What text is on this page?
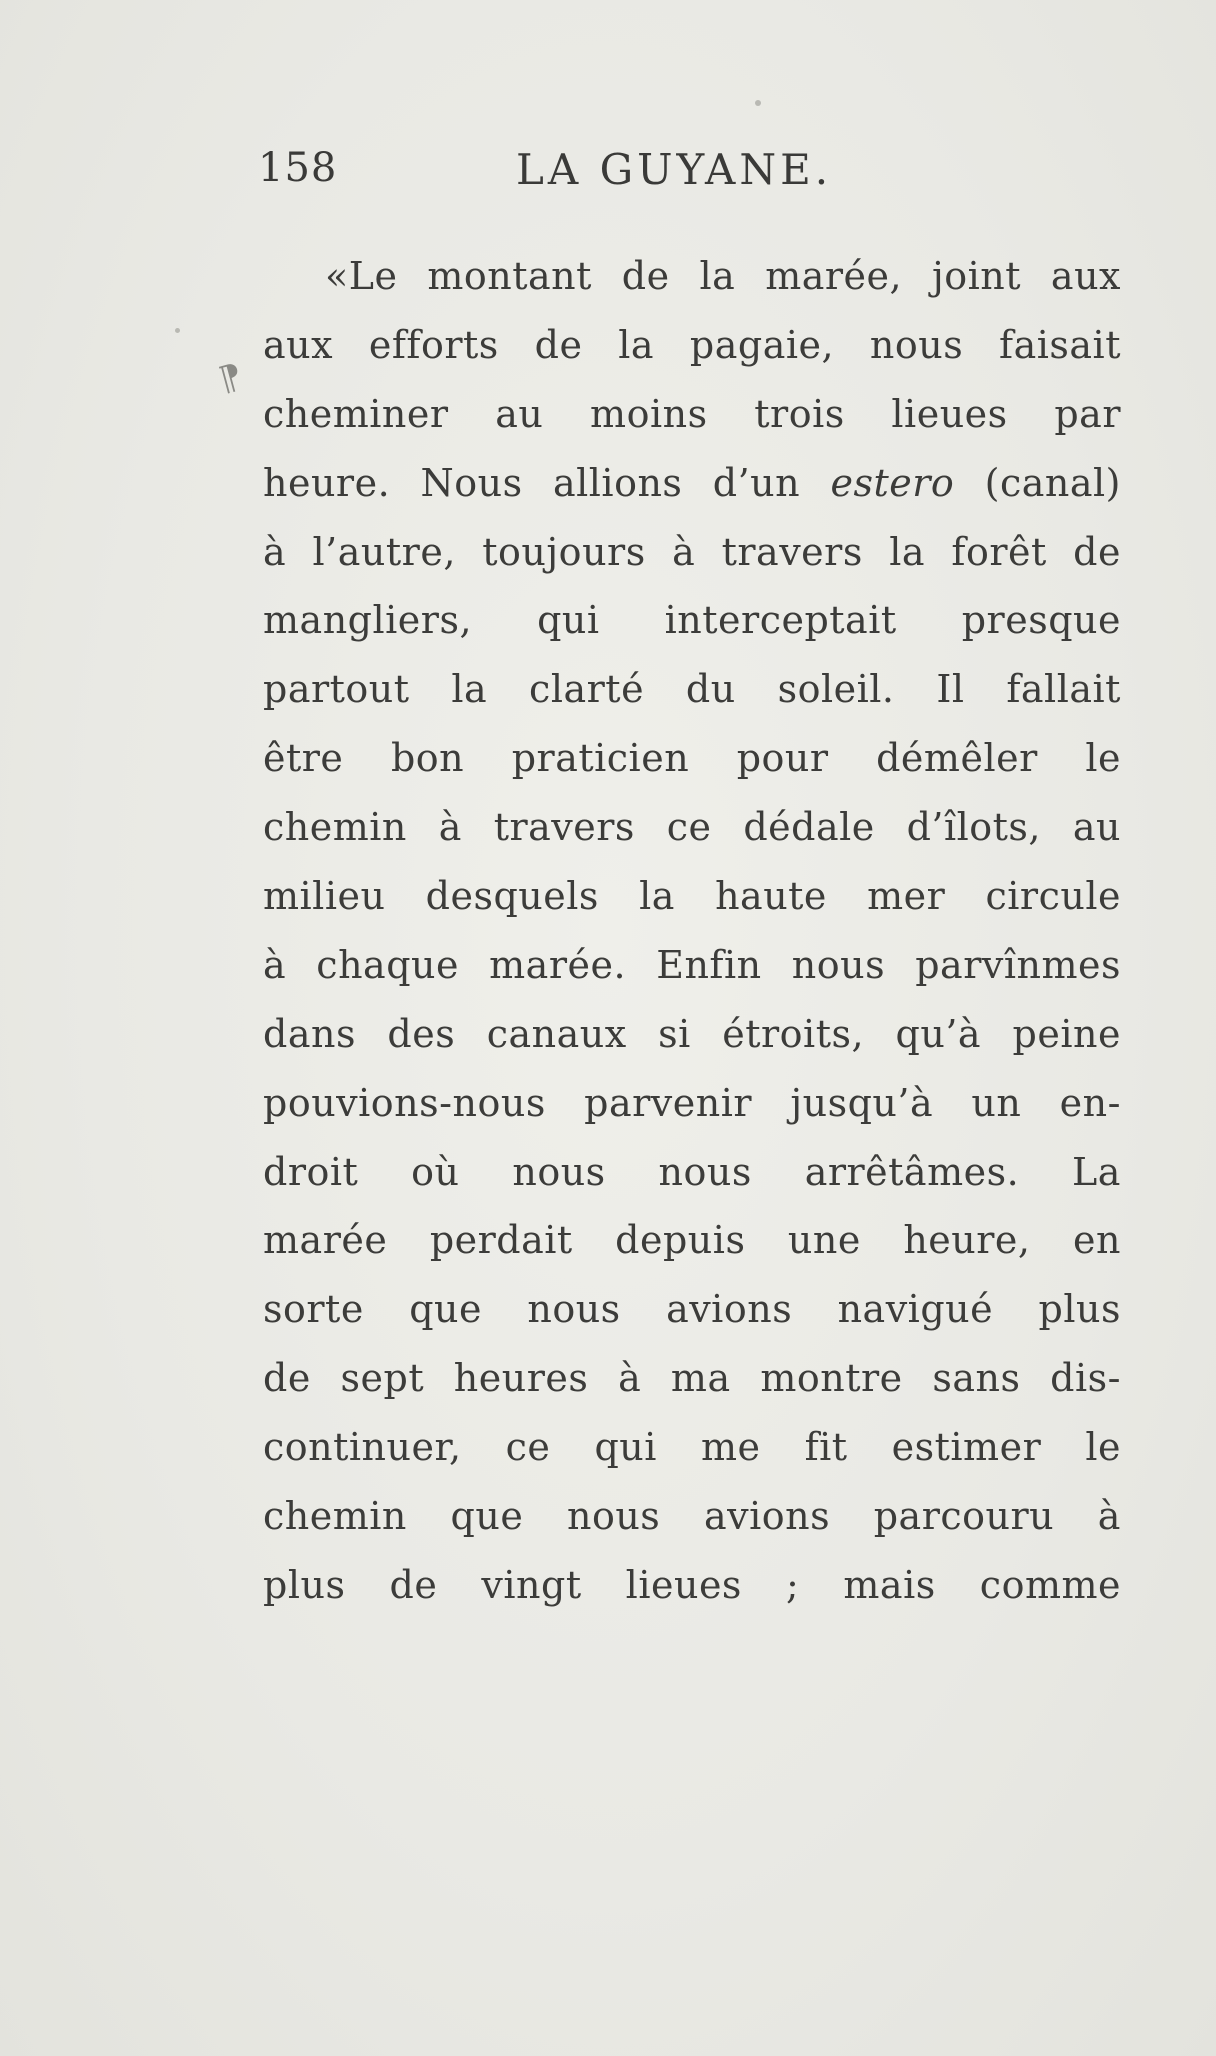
158	LA GUYANE.
⁋
«Le montant de la marée, joint aux
aux efforts de la pagaie, nous faisait
cheminer au moins trois lieues par
heure. Nous allions d’un estero (canal)
à l’autre, toujours à travers la forêt de
mangliers, qui interceptait presque
partout la clarté du soleil. Il fallait
être bon praticien pour démêler le
chemin à travers ce dédale d’îlots, au
milieu desquels la haute mer circule
à chaque marée. Enfin nous parvînmes
dans des canaux si étroits, qu’à peine
pouvions-nous parvenir jusqu’à un en-
droit où nous nous arrêtâmes. La
marée perdait depuis une heure, en
sorte que nous avions navigué plus
de sept heures à ma montre sans dis-
continuer, ce qui me fit estimer le
chemin que nous avions parcouru à
plus de vingt lieues ; mais comme
